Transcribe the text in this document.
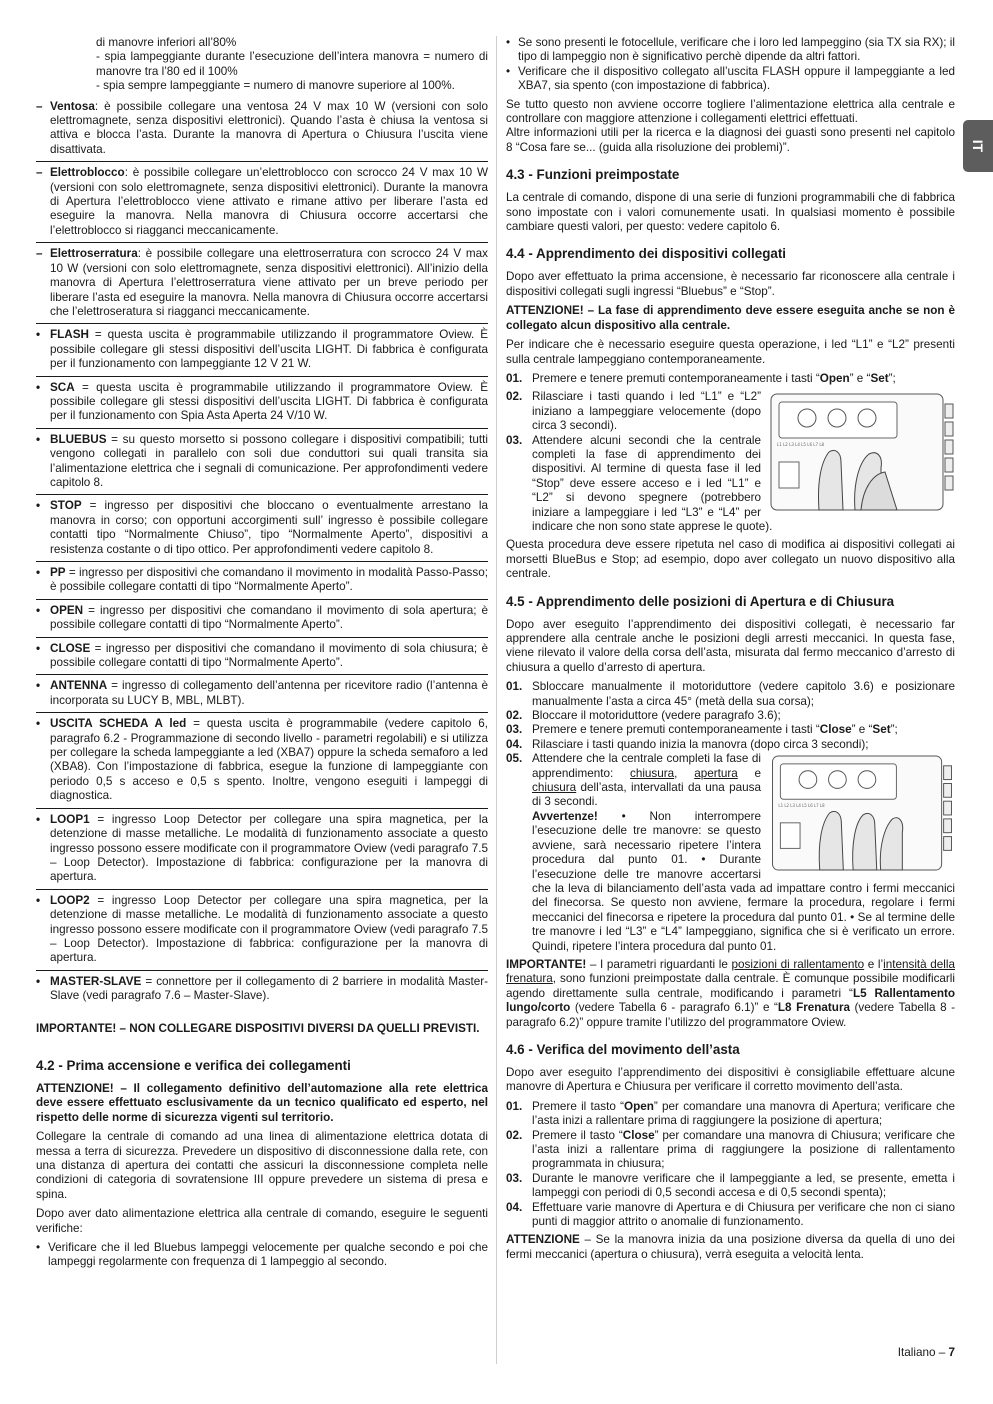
IT

di manovre inferiori all’80%

- spia lampeggiante durante l’esecuzione dell’intera manovra = numero di manovre tra l’80 ed il 100%

- spia sempre lampeggiante = numero di manovre superiore al 100%.

– Ventosa: è possibile collegare una ventosa 24 V max 10 W (versioni con solo elettromagnete, senza dispositivi elettronici). Quando l’asta è chiusa la ventosa si attiva e blocca l’asta. Durante la manovra di Apertura o Chiusura l’uscita viene disattivata.
– Elettroblocco: è possibile collegare un’elettroblocco con scrocco 24 V max 10 W (versioni con solo elettromagnete, senza dispositivi elettronici). Durante la manovra di Apertura l’elettroblocco viene attivato e rimane attivo per liberare l’asta ed eseguire la manovra. Nella manovra di Chiusura occorre accertarsi che l’elettroblocco si riagganci meccanicamente.
– Elettroserratura: è possibile collegare una elettroserratura con scrocco 24 V max 10 W (versioni con solo elettromagnete, senza dispositivi elettronici). All’inizio della manovra di Apertura l’elettroserratura viene attivato per un breve periodo per liberare l’asta ed eseguire la manovra. Nella manovra di Chiusura occorre accertarsi che l’elettroseratura si riagganci meccanicamente.
• FLASH = questa uscita è programmabile utilizzando il programmatore Oview. È possibile collegare gli stessi dispositivi dell’uscita LIGHT. Di fabbrica è configurata per il funzionamento con lampeggiante 12 V 21 W.
• SCA = questa uscita è programmabile utilizzando il programmatore Oview. È possibile collegare gli stessi dispositivi dell’uscita LIGHT. Di fabbrica è configurata per il funzionamento con Spia Asta Aperta 24 V/10 W.
• BLUEBUS = su questo morsetto si possono collegare i dispositivi compatibili; tutti vengono collegati in parallelo con soli due conduttori sui quali transita sia l’alimentazione elettrica che i segnali di comunicazione. Per approfondimenti vedere capitolo 8.
• STOP = ingresso per dispositivi che bloccano o eventualmente arrestano la manovra in corso; con opportuni accorgimenti sull’ ingresso è possibile collegare contatti tipo “Normalmente Chiuso”, tipo “Normalmente Aperto”, dispositivi a resistenza costante o di tipo ottico. Per approfondimenti vedere capitolo 8.
• PP = ingresso per dispositivi che comandano il movimento in modalità Passo-Passo; è possibile collegare contatti di tipo “Normalmente Aperto”.
• OPEN = ingresso per dispositivi che comandano il movimento di sola apertura; è possibile collegare contatti di tipo “Normalmente Aperto”.
• CLOSE = ingresso per dispositivi che comandano il movimento di sola chiusura; è possibile collegare contatti di tipo “Normalmente Aperto”.
• ANTENNA = ingresso di collegamento dell’antenna per ricevitore radio (l’antenna è incorporata su LUCY B, MBL, MLBT).
• USCITA SCHEDA A led = questa uscita è programmabile (vedere capitolo 6, paragrafo 6.2 - Programmazione di secondo livello - parametri regolabili) e si utilizza per collegare la scheda lampeggiante a led (XBA7) oppure la scheda semaforo a led (XBA8). Con l’impostazione di fabbrica, esegue la funzione di lampeggiante con periodo 0,5 s acceso e 0,5 s spento. Inoltre, vengono eseguiti i lampeggi di diagnostica.
• LOOP1 = ingresso Loop Detector per collegare una spira magnetica, per la detenzione di masse metalliche. Le modalità di funzionamento associate a questo ingresso possono essere modificate con il programmatore Oview (vedi paragrafo 7.5 – Loop Detector). Impostazione di fabbrica: configurazione per la manovra di apertura.
• LOOP2 = ingresso Loop Detector per collegare una spira magnetica, per la detenzione di masse metalliche. Le modalità di funzionamento associate a questo ingresso possono essere modificate con il programmatore Oview (vedi paragrafo 7.5 – Loop Detector). Impostazione di fabbrica: configurazione per la manovra di apertura.
• MASTER-SLAVE = connettore per il collegamento di 2 barriere in modalità Master-Slave (vedi paragrafo 7.6 – Master-Slave).

IMPORTANTE! – NON COLLEGARE DISPOSITIVI DIVERSI DA QUELLI PREVISTI.

4.2 - Prima accensione e verifica dei collegamenti

ATTENZIONE! – Il collegamento definitivo dell’automazione alla rete elettrica deve essere effettuato esclusivamente da un tecnico qualificato ed esperto, nel rispetto delle norme di sicurezza vigenti sul territorio.

Collegare la centrale di comando ad una linea di alimentazione elettrica dotata di messa a terra di sicurezza. Prevedere un dispositivo di disconnessione dalla rete, con una distanza di apertura dei contatti che assicuri la disconnessione completa nelle condizioni di categoria di sovratensione III oppure prevedere un sistema di presa e spina.

Dopo aver dato alimentazione elettrica alla centrale di comando, eseguire le seguenti verifiche:

• Verificare che il led Bluebus lampeggi velocemente per qualche secondo e poi che lampeggi regolarmente con frequenza di 1 lampeggio al secondo.
• Se sono presenti le fotocellule, verificare che i loro led lampeggino (sia TX sia RX); il tipo di lampeggio non è significativo perchè dipende da altri fattori.
• Verificare che il dispositivo collegato all’uscita FLASH oppure il lampeggiante a led XBA7, sia spento (con impostazione di fabbrica).

Se tutto questo non avviene occorre togliere l’alimentazione elettrica alla centrale e controllare con maggiore attenzione i collegamenti elettrici effettuati.

Altre informazioni utili per la ricerca e la diagnosi dei guasti sono presenti nel capitolo 8 “Cosa fare se... (guida alla risoluzione dei problemi)”.

4.3 - Funzioni preimpostate

La centrale di comando, dispone di una serie di funzioni programmabili che di fabbrica sono impostate con i valori comunemente usati. In qualsiasi momento è possibile cambiare questi valori, per questo: vedere capitolo 6.

4.4 - Apprendimento dei dispositivi collegati

Dopo aver effettuato la prima accensione, è necessario far riconoscere alla centrale i dispositivi collegati sugli ingressi “Bluebus” e “Stop”.

ATTENZIONE! – La fase di apprendimento deve essere eseguita anche se non è collegato alcun dispositivo alla centrale.

Per indicare che è necessario eseguire questa operazione, i led “L1” e “L2” presenti sulla centrale lampeggiano contemporaneamente.

01. Premere e tenere premuti contemporaneamente i tasti “Open” e “Set”;
L1 L2 L3 L4 L5 L6 L7 L8
02. Rilasciare i tasti quando i led “L1” e “L2” iniziano a lampeggiare velocemente (dopo circa 3 secondi).
03. Attendere alcuni secondi che la centrale completi la fase di apprendimento dei dispositivi. Al termine di questa fase il led “Stop” deve essere acceso e i led “L1” e “L2” si devono spegnere (potrebbero iniziare a lampeggiare i led “L3” e “L4” per indicare che non sono state apprese le quote).

Questa procedura deve essere ripetuta nel caso di modifica ai dispositivi collegati ai morsetti BlueBus e Stop; ad esempio, dopo aver collegato un nuovo dispositivo alla centrale.

4.5 - Apprendimento delle posizioni di Apertura e di Chiusura

Dopo aver eseguito l’apprendimento dei dispositivi collegati, è necessario far apprendere alla centrale anche le posizioni degli arresti meccanici. In questa fase, viene rilevato il valore della corsa dell’asta, misurata dal fermo meccanico d’arresto di chiusura a quello d’arresto di apertura.

01. Sbloccare manualmente il motoriduttore (vedere capitolo 3.6) e posizionare manualmente l’asta a circa 45° (metà della sua corsa);
02. Bloccare il motoriduttore (vedere paragrafo 3.6);
03. Premere e tenere premuti contemporaneamente i tasti “Close” e “Set”;
04. Rilasciare i tasti quando inizia la manovra (dopo circa 3 secondi);
05.
L1 L2 L3 L4 L5 L6 L7 L8
Attendere che la centrale completi la fase di apprendimento: chiusura, apertura e chiusura dell’asta, intervallati da una pausa di 3 secondi.
Avvertenze! • Non interrompere l’esecuzione delle tre manovre: se questo avviene, sarà necessario ripetere l’intera procedura dal punto 01. • Durante l’esecuzione delle tre manovre accertarsi che la leva di bilanciamento dell’asta vada ad impattare contro i fermi meccanici del finecorsa. Se questo non avviene, fermare la procedura, regolare i fermi meccanici del finecorsa e ripetere la procedura dal punto 01. • Se al termine delle tre manovre i led “L3” e “L4” lampeggiano, significa che si è verificato un errore. Quindi, ripetere l’intera procedura dal punto 01.

IMPORTANTE! – I parametri riguardanti le posizioni di rallentamento e l’intensità della frenatura, sono funzioni preimpostate dalla centrale. È comunque possibile modificarli agendo direttamente sulla centrale, modificando i parametri “L5 Rallentamento lungo/corto (vedere Tabella 6 - paragrafo 6.1)” e “L8 Frenatura (vedere Tabella 8 - paragrafo 6.2)” oppure tramite l’utilizzo del programmatore Oview.

4.6 - Verifica del movimento dell’asta

Dopo aver eseguito l’apprendimento dei dispositivi è consigliabile effettuare alcune manovre di Apertura e Chiusura per verificare il corretto movimento dell’asta.

01. Premere il tasto “Open” per comandare una manovra di Apertura; verificare che l’asta inizi a rallentare prima di raggiungere la posizione di apertura;
02. Premere il tasto “Close” per comandare una manovra di Chiusura; verificare che l’asta inizi a rallentare prima di raggiungere la posizione di rallentamento programmata in chiusura;
03. Durante le manovre verificare che il lampeggiante a led, se presente, emetta i lampeggi con periodi di 0,5 secondi accesa e di 0,5 secondi spenta);
04. Effettuare varie manovre di Apertura e di Chiusura per verificare che non ci siano punti di maggior attrito o anomalie di funzionamento.

ATTENZIONE – Se la manovra inizia da una posizione diversa da quella di uno dei fermi meccanici (apertura o chiusura), verrà eseguita a velocità lenta.

Italiano – 7
